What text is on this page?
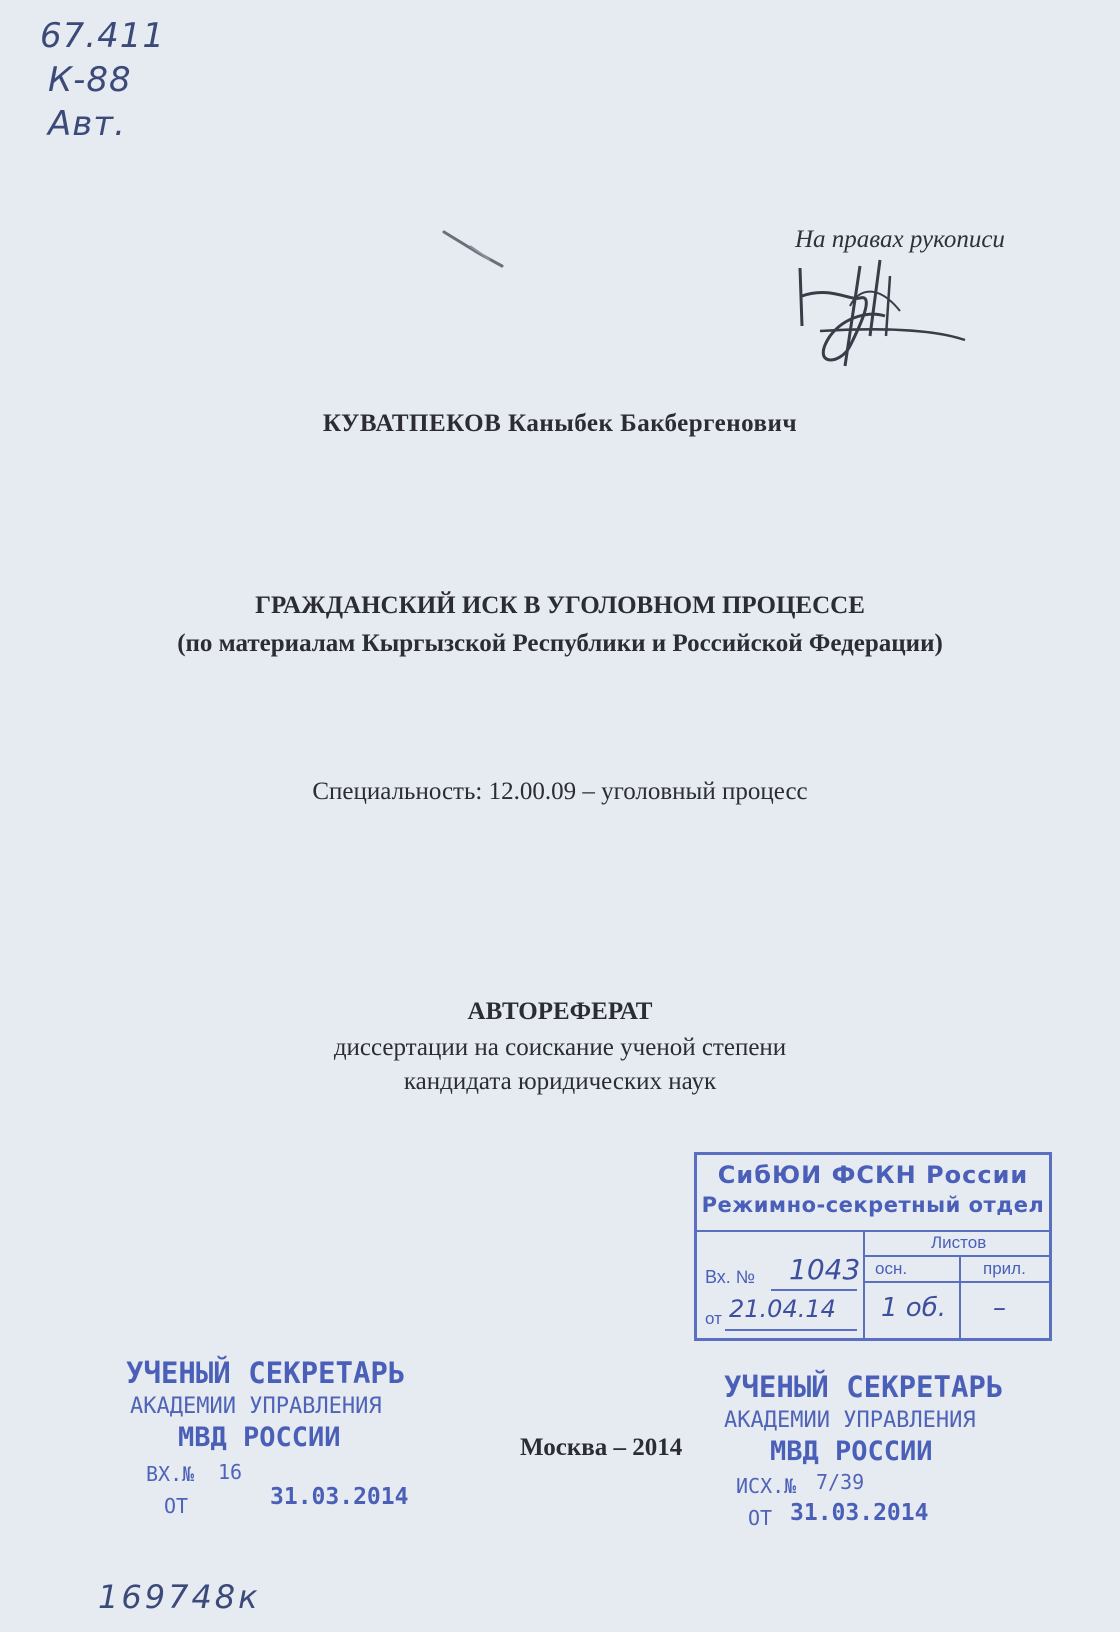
67.411
К-88
Авт.
На правах рукописи
КУВАТПЕКОВ Каныбек Бакбергенович
ГРАЖДАНСКИЙ ИСК В УГОЛОВНОМ ПРОЦЕССЕ
(по материалам Кыргызской Республики и Российской Федерации)
Специальность: 12.00.09 – уголовный процесс
АВТОРЕФЕРАТ
диссертации на соискание ученой степени
кандидата юридических наук
СибЮИ ФСКН России
Режимно-секретный отдел
Листов
осн.	прил.
Вх. № 1043
от 21.04.14 1 об. –
УЧЕНЫЙ СЕКРЕТАРЬ
АКАДЕМИИ УПРАВЛЕНИЯ
МВД РОССИИ
ВХ.№ 16
ОТ	31.03.2014
Москва – 2014
УЧЕНЫЙ СЕКРЕТАРЬ
АКАДЕМИИ УПРАВЛЕНИЯ
МВД РОССИИ
ИСХ.№ 7/39
ОТ 31.03.2014
169748к
